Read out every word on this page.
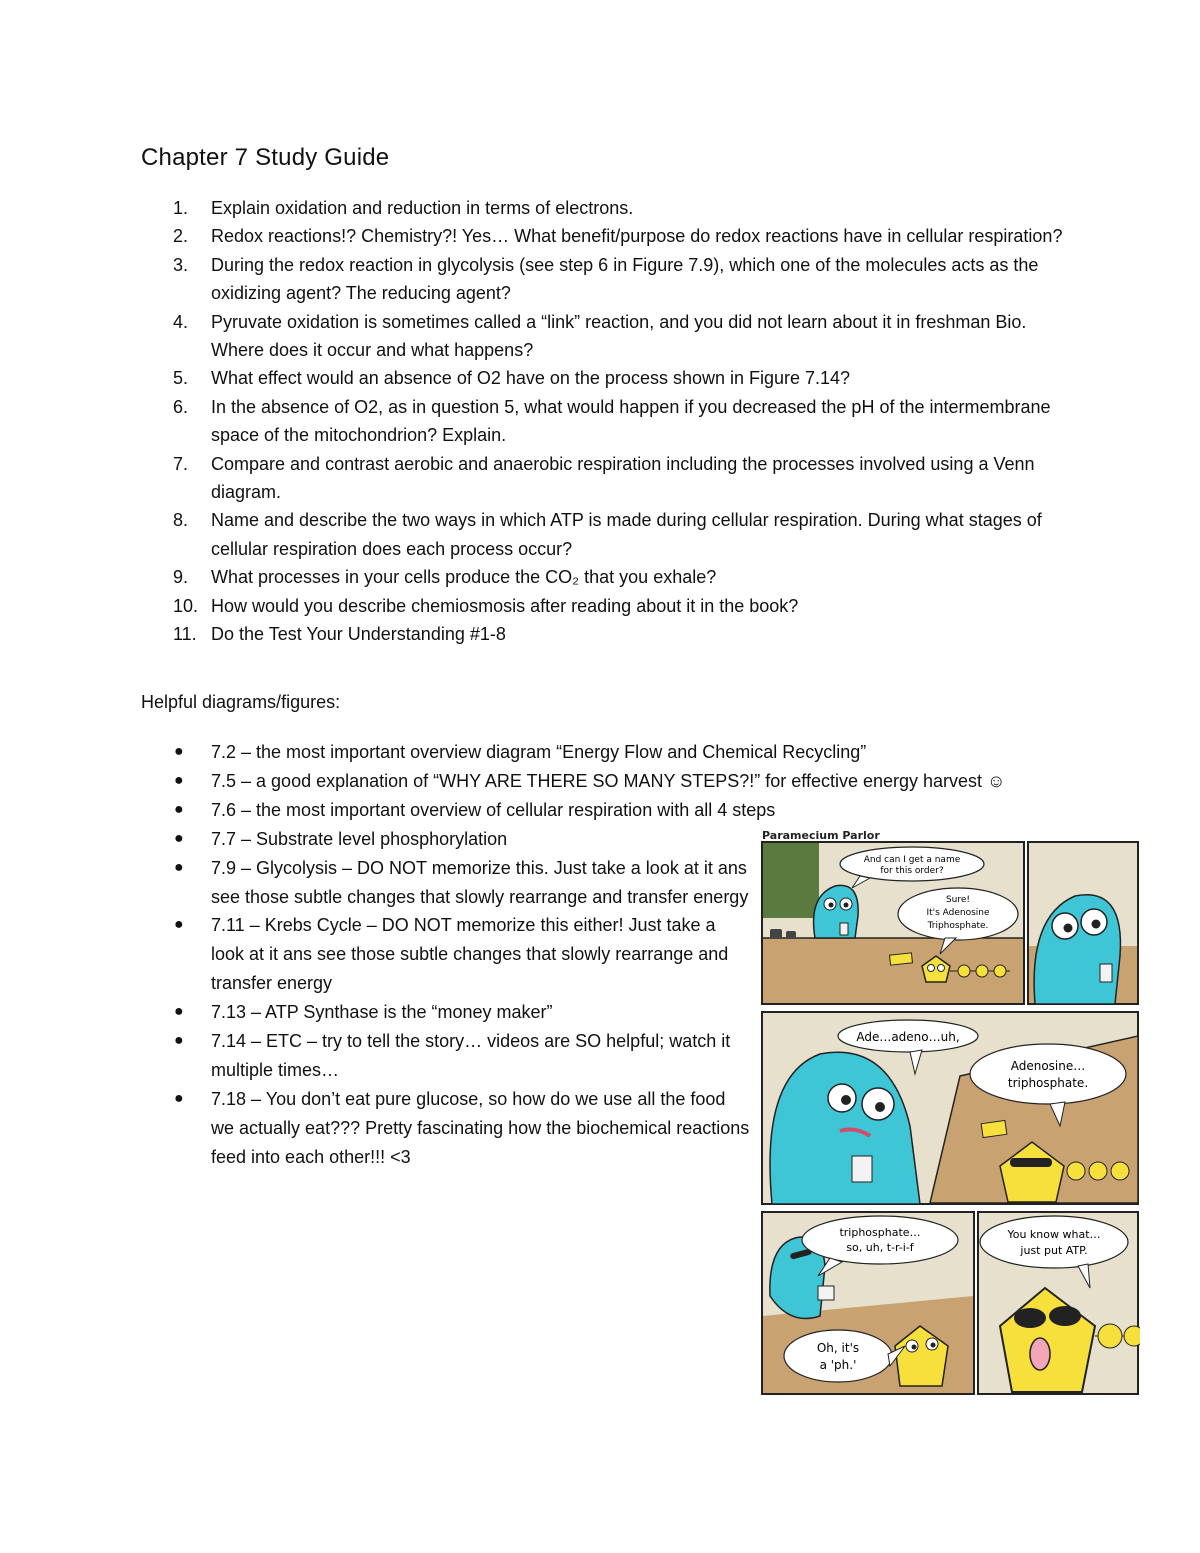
Chapter 7 Study Guide
1. Explain oxidation and reduction in terms of electrons.
2. Redox reactions!? Chemistry?! Yes… What benefit/purpose do redox reactions have in cellular respiration?
3. During the redox reaction in glycolysis (see step 6 in Figure 7.9), which one of the molecules acts as the oxidizing agent? The reducing agent?
4. Pyruvate oxidation is sometimes called a “link” reaction, and you did not learn about it in freshman Bio. Where does it occur and what happens?
5. What effect would an absence of O2 have on the process shown in Figure 7.14?
6. In the absence of O2, as in question 5, what would happen if you decreased the pH of the intermembrane space of the mitochondrion? Explain.
7. Compare and contrast aerobic and anaerobic respiration including the processes involved using a Venn diagram.
8. Name and describe the two ways in which ATP is made during cellular respiration. During what stages of cellular respiration does each process occur?
9. What processes in your cells produce the CO₂ that you exhale?
10. How would you describe chemiosmosis after reading about it in the book?
11. Do the Test Your Understanding #1-8
Helpful diagrams/figures:
● 7.2 – the most important overview diagram “Energy Flow and Chemical Recycling”
● 7.5 – a good explanation of “WHY ARE THERE SO MANY STEPS?!” for effective energy harvest ☺
● 7.6 – the most important overview of cellular respiration with all 4 steps
● 7.7 – Substrate level phosphorylation
● 7.9 – Glycolysis – DO NOT memorize this. Just take a look at it ans see those subtle changes that slowly rearrange and transfer energy
● 7.11 – Krebs Cycle – DO NOT memorize this either! Just take a look at it ans see those subtle changes that slowly rearrange and transfer energy
● 7.13 – ATP Synthase is the “money maker”
● 7.14 – ETC – try to tell the story… videos are SO helpful; watch it multiple times…
● 7.18 – You don’t eat pure glucose, so how do we use all the food we actually eat??? Pretty fascinating how the biochemical reactions feed into each other!!! <3
Paramecium Parlor
And can I get a name
for this order?
Sure!
It's Adenosine
Triphosphate.
Ade…adeno…uh,
Adenosine…
triphosphate.
triphosphate…
so, uh, t-r-i-f
Oh, it's
a 'ph.'
You know what…
just put ATP.
